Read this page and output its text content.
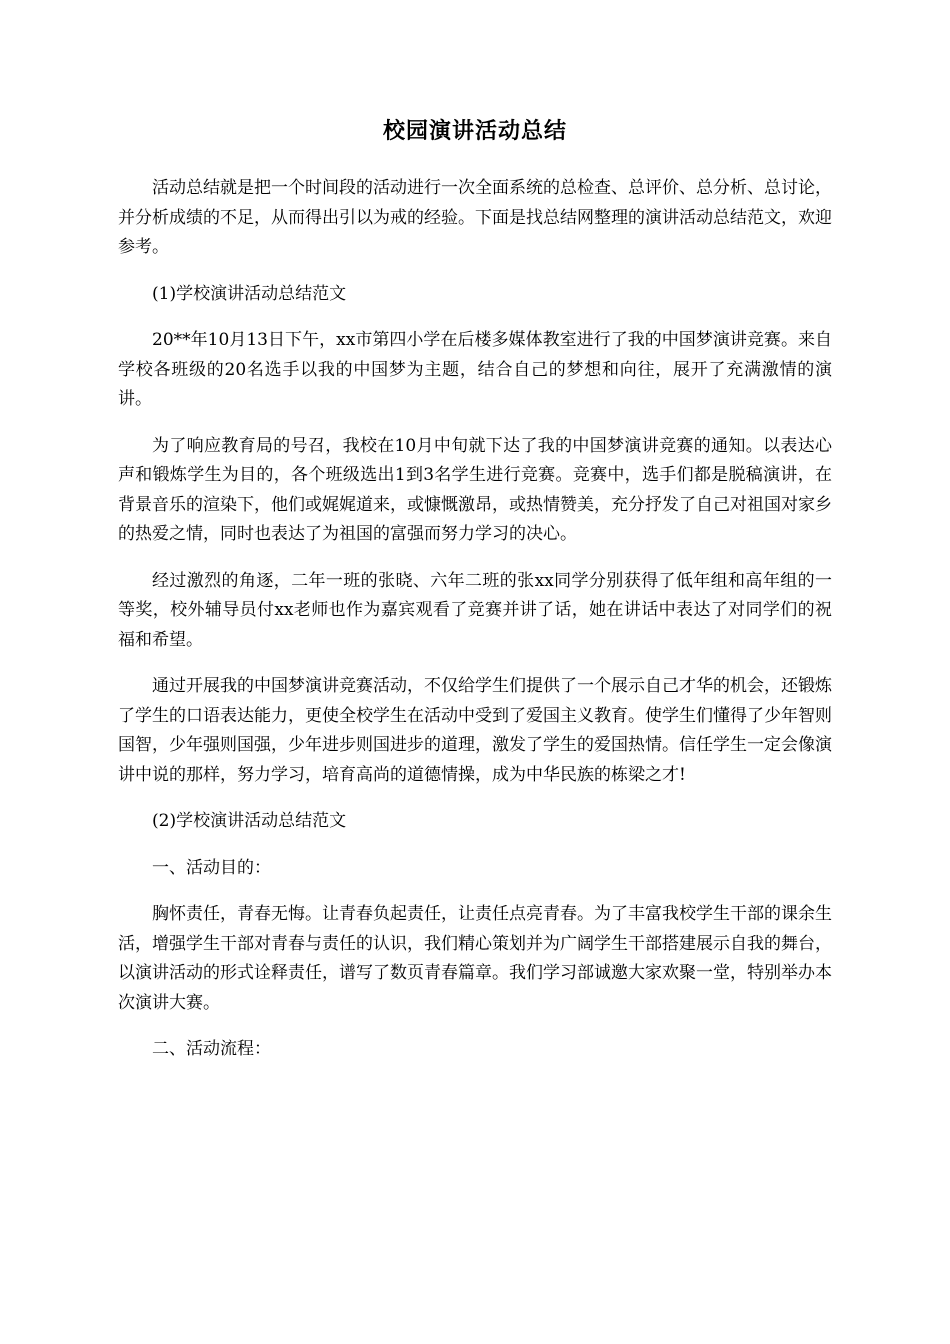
校园演讲活动总结

活动总结就是把一个时间段的活动进行一次全面系统的总检查、总评价、总分析、总讨论，并分析成绩的不足，从而得出引以为戒的经验。下面是找总结网整理的演讲活动总结范文，欢迎参考。

(1)学校演讲活动总结范文

20**年10月13日下午，xx市第四小学在后楼多媒体教室进行了我的中国梦演讲竞赛。来自学校各班级的20名选手以我的中国梦为主题，结合自己的梦想和向往，展开了充满激情的演讲。

为了响应教育局的号召，我校在10月中旬就下达了我的中国梦演讲竞赛的通知。以表达心声和锻炼学生为目的，各个班级选出1到3名学生进行竞赛。竞赛中，选手们都是脱稿演讲，在背景音乐的渲染下，他们或娓娓道来，或慷慨激昂，或热情赞美，充分抒发了自己对祖国对家乡的热爱之情，同时也表达了为祖国的富强而努力学习的决心。

经过激烈的角逐，二年一班的张晓、六年二班的张xx同学分别获得了低年组和高年组的一等奖，校外辅导员付xx老师也作为嘉宾观看了竞赛并讲了话，她在讲话中表达了对同学们的祝福和希望。

通过开展我的中国梦演讲竞赛活动，不仅给学生们提供了一个展示自己才华的机会，还锻炼了学生的口语表达能力，更使全校学生在活动中受到了爱国主义教育。使学生们懂得了少年智则国智，少年强则国强，少年进步则国进步的道理，激发了学生的爱国热情。信任学生一定会像演讲中说的那样，努力学习，培育高尚的道德情操，成为中华民族的栋梁之才!

(2)学校演讲活动总结范文

一、活动目的：

胸怀责任，青春无悔。让青春负起责任，让责任点亮青春。为了丰富我校学生干部的课余生活，增强学生干部对青春与责任的认识，我们精心策划并为广阔学生干部搭建展示自我的舞台，以演讲活动的形式诠释责任，谱写了数页青春篇章。我们学习部诚邀大家欢聚一堂，特别举办本次演讲大赛。

二、活动流程：
